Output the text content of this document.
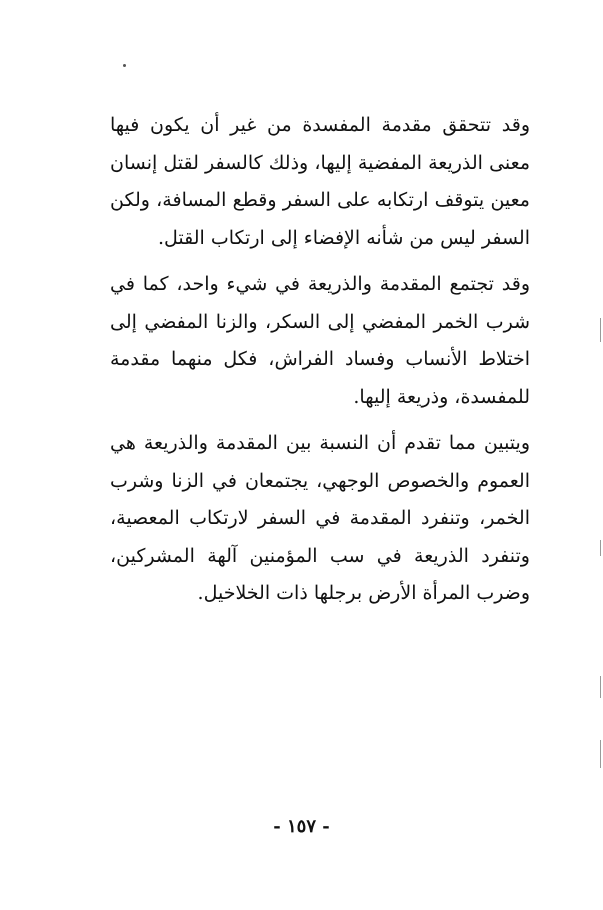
وقد تتحقق مقدمة المفسدة من غير أن يكون فيها معنى الذريعة المفضية إليها، وذلك كالسفر لقتل إنسان معين يتوقف ارتكابه على السفر وقطع المسافة، ولكن السفر ليس من شأنه الإفضاء إلى ارتكاب القتل.

وقد تجتمع المقدمة والذريعة في شيء واحد، كما في شرب الخمر المفضي إلى السكر، والزنا المفضي إلى اختلاط الأنساب وفساد الفراش، فكل منهما مقدمة للمفسدة، وذريعة إليها.

ويتبين مما تقدم أن النسبة بين المقدمة والذريعة هي العموم والخصوص الوجهي، يجتمعان في الزنا وشرب الخمر، وتنفرد المقدمة في السفر لارتكاب المعصية، وتنفرد الذريعة في سب المؤمنين آلهة المشركين، وضرب المرأة الأرض برجلها ذات الخلاخيل.

- ١٥٧ -
